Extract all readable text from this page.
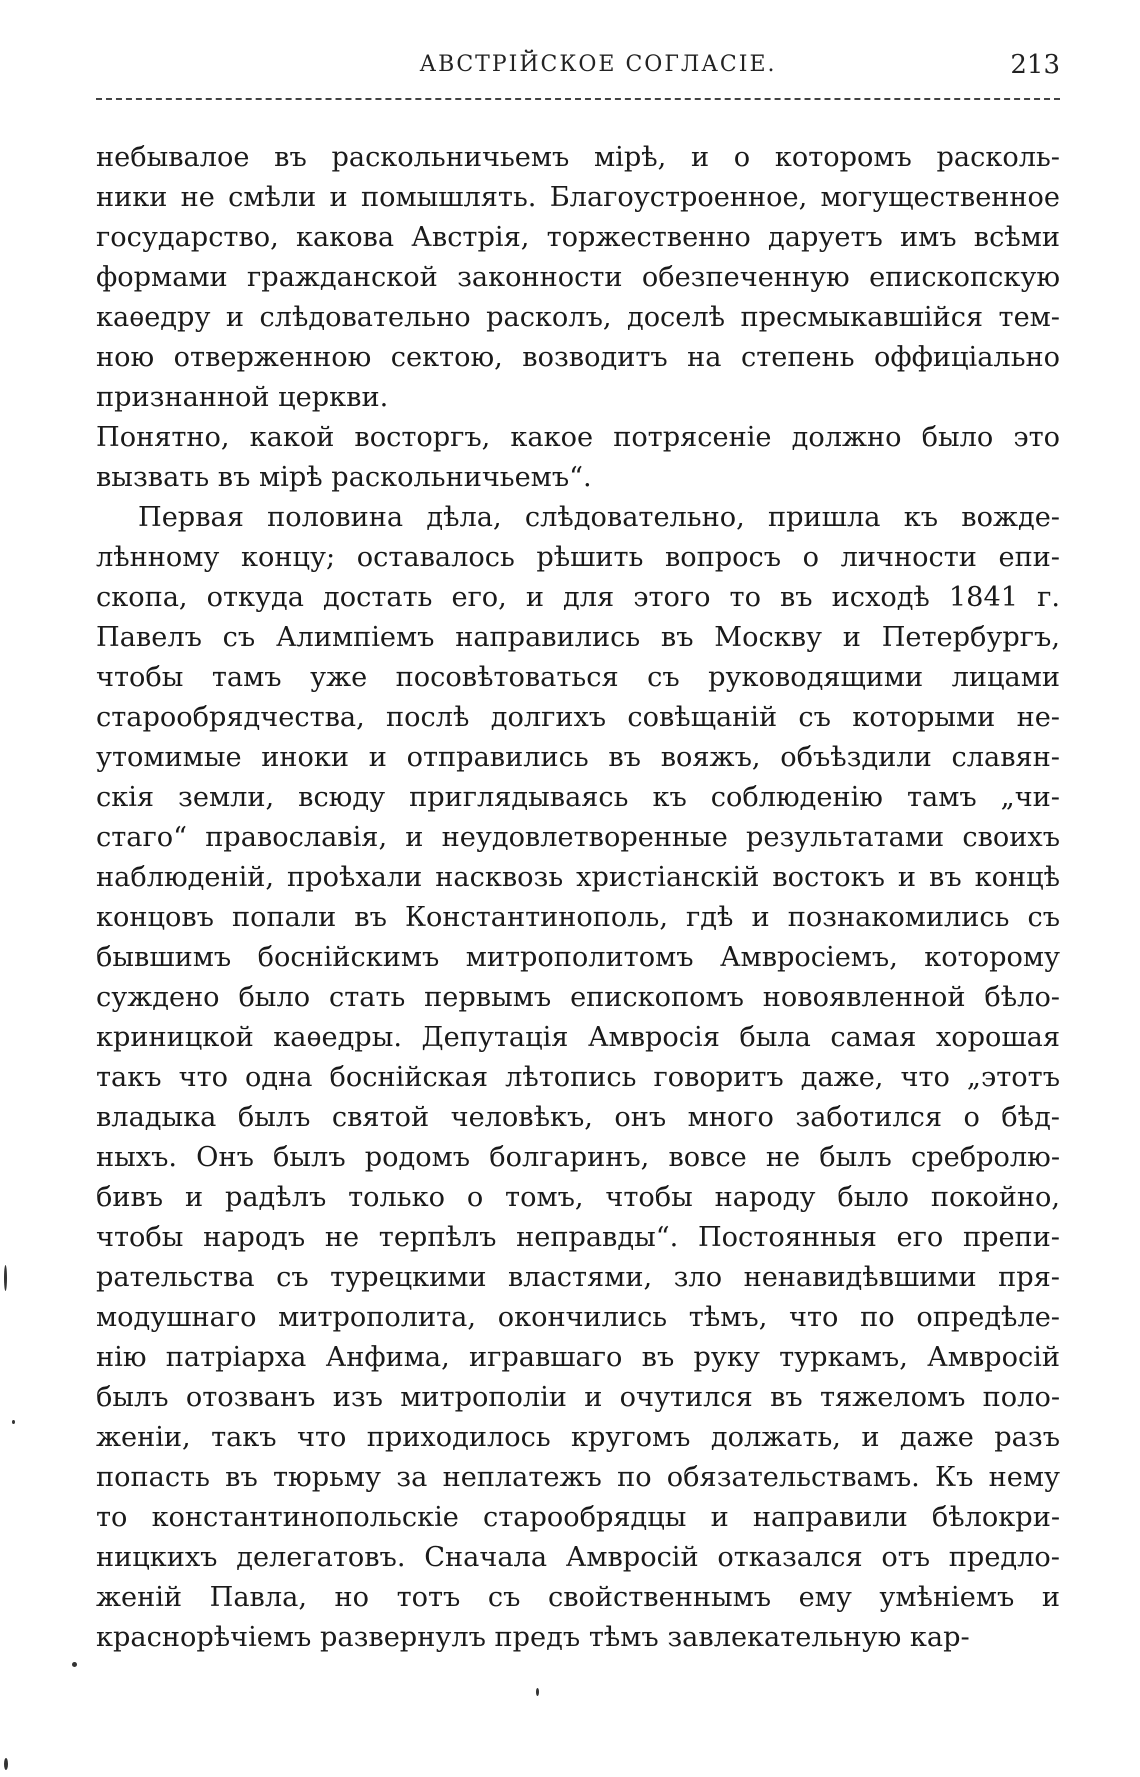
АВСТРІЙСКОЕ СОГЛАСІЕ.	213
небывалое въ раскольничьемъ мірѣ, и о которомъ расколь-
ники не смѣли и помышлять. Благоустроенное, могущественное
государство, какова Австрія, торжественно даруетъ имъ всѣми
формами гражданской законности обезпеченную епископскую
каѳедру и слѣдовательно расколъ, доселѣ пресмыкавшійся тем-
ною отверженною сектою, возводитъ на степень оффиціально
признанной церкви.
Понятно, какой восторгъ, какое потрясеніе должно было это
вызвать въ мірѣ раскольничьемъ“.
Первая половина дѣла, слѣдовательно, пришла къ вожде-
лѣнному концу; оставалось рѣшить вопросъ о личности епи-
скопа, откуда достать его, и для этого то въ исходѣ 1841 г.
Павелъ съ Алимпіемъ направились въ Москву и Петербургъ,
чтобы тамъ уже посовѣтоваться съ руководящими лицами
старообрядчества, послѣ долгихъ совѣщаній съ которыми не-
утомимые иноки и отправились въ вояжъ, объѣздили славян-
скія земли, всюду приглядываясь къ соблюденію тамъ „чи-
стаго“ православія, и неудовлетворенные результатами своихъ
наблюденій, проѣхали насквозь христіанскій востокъ и въ концѣ
концовъ попали въ Константинополь, гдѣ и познакомились съ
бывшимъ боснійскимъ митрополитомъ Амвросіемъ, которому
суждено было стать первымъ епископомъ новоявленной бѣло-
криницкой каѳедры. Депутація Амвросія была самая хорошая
такъ что одна боснійская лѣтопись говоритъ даже, что „этотъ
владыка былъ святой человѣкъ, онъ много заботился о бѣд-
ныхъ. Онъ былъ родомъ болгаринъ, вовсе не былъ сребролю-
бивъ и радѣлъ только о томъ, чтобы народу было покойно,
чтобы народъ не терпѣлъ неправды“. Постоянныя его препи-
рательства съ турецкими властями, зло ненавидѣвшими пря-
модушнаго митрополита, окончились тѣмъ, что по опредѣле-
нію патріарха Анфима, игравшаго въ руку туркамъ, Амвросій
былъ отозванъ изъ митрополіи и очутился въ тяжеломъ поло-
женіи, такъ что приходилось кругомъ должать, и даже разъ
попасть въ тюрьму за неплатежъ по обязательствамъ. Къ нему
то константинопольскіе старообрядцы и направили бѣлокри-
ницкихъ делегатовъ. Сначала Амвросій отказался отъ предло-
женій Павла, но тотъ съ свойственнымъ ему умѣніемъ и
краснорѣчіемъ развернулъ предъ тѣмъ завлекательную кар-
